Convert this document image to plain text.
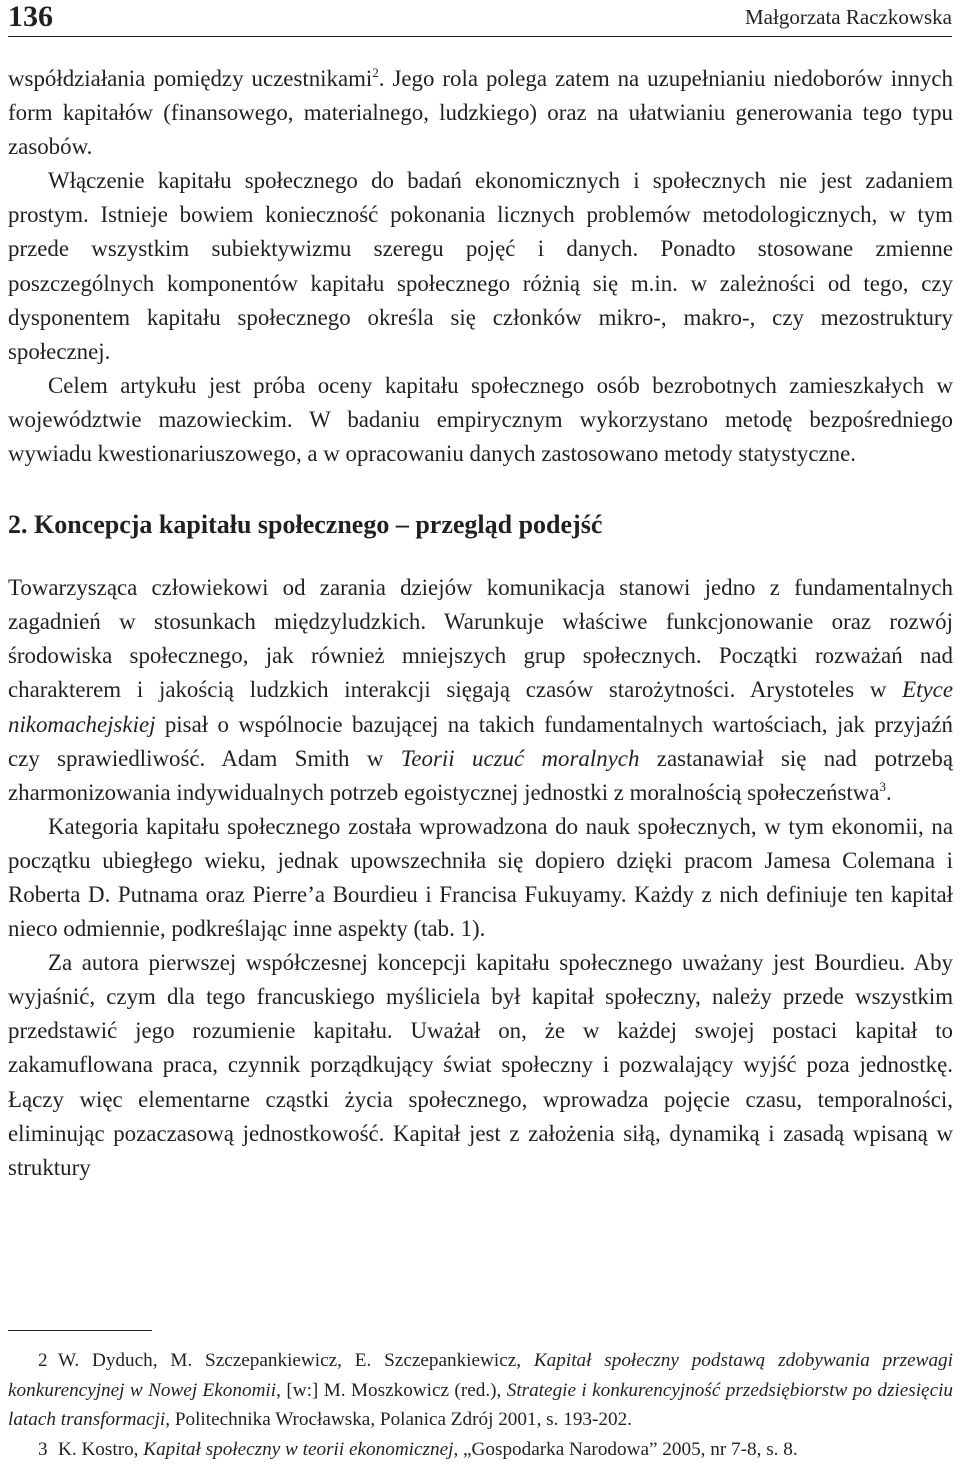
136	Małgorzata Raczkowska

współdziałania pomiędzy uczestnikami$^2$. Jego rola polega zatem na uzupełnianiu niedoborów innych form kapitałów (finansowego, materialnego, ludzkiego) oraz na ułatwianiu generowania tego typu zasobów.

Włączenie kapitału społecznego do badań ekonomicznych i społecznych nie jest zadaniem prostym. Istnieje bowiem konieczność pokonania licznych problemów metodologicznych, w tym przede wszystkim subiektywizmu szeregu pojęć i danych. Ponadto stosowane zmienne poszczególnych komponentów kapitału społecznego różnią się m.in. w zależności od tego, czy dysponentem kapitału społecznego określa się członków mikro-, makro-, czy mezostruktury społecznej.

Celem artykułu jest próba oceny kapitału społecznego osób bezrobotnych zamieszkałych w województwie mazowieckim. W badaniu empirycznym wykorzystano metodę bezpośredniego wywiadu kwestionariuszowego, a w opracowaniu danych zastosowano metody statystyczne.

2. Koncepcja kapitału społecznego – przegląd podejść

Towarzysząca człowiekowi od zarania dziejów komunikacja stanowi jedno z fundamentalnych zagadnień w stosunkach międzyludzkich. Warunkuje właściwe funkcjonowanie oraz rozwój środowiska społecznego, jak również mniejszych grup społecznych. Początki rozważań nad charakterem i jakością ludzkich interakcji sięgają czasów starożytności. Arystoteles w Etyce nikomachejskiej pisał o wspólnocie bazującej na takich fundamentalnych wartościach, jak przyjaźń czy sprawiedliwość. Adam Smith w Teorii uczuć moralnych zastanawiał się nad potrzebą zharmonizowania indywidualnych potrzeb egoistycznej jednostki z moralnością społeczeństwa$^3$.

Kategoria kapitału społecznego została wprowadzona do nauk społecznych, w tym ekonomii, na początku ubiegłego wieku, jednak upowszechniła się dopiero dzięki pracom Jamesa Colemana i Roberta D. Putnama oraz Pierre’a Bourdieu i Francisa Fukuyamy. Każdy z nich definiuje ten kapitał nieco odmiennie, podkreślając inne aspekty (tab. 1).

Za autora pierwszej współczesnej koncepcji kapitału społecznego uważany jest Bourdieu. Aby wyjaśnić, czym dla tego francuskiego myśliciela był kapitał społeczny, należy przede wszystkim przedstawić jego rozumienie kapitału. Uważał on, że w każdej swojej postaci kapitał to zakamuflowana praca, czynnik porządkujący świat społeczny i pozwalający wyjść poza jednostkę. Łączy więc elementarne cząstki życia społecznego, wprowadza pojęcie czasu, temporalności, eliminując pozaczasową jednostkowość. Kapitał jest z założenia siłą, dynamiką i zasadą wpisaną w struktury

2 W. Dyduch, M. Szczepankiewicz, E. Szczepankiewicz, Kapitał społeczny podstawą zdobywania przewagi konkurencyjnej w Nowej Ekonomii, [w:] M. Moszkowicz (red.), Strategie i konkurencyjność przedsiębiorstw po dziesięciu latach transformacji, Politechnika Wrocławska, Polanica Zdrój 2001, s. 193-202.

3 K. Kostro, Kapitał społeczny w teorii ekonomicznej, „Gospodarka Narodowa” 2005, nr 7-8, s. 8.
